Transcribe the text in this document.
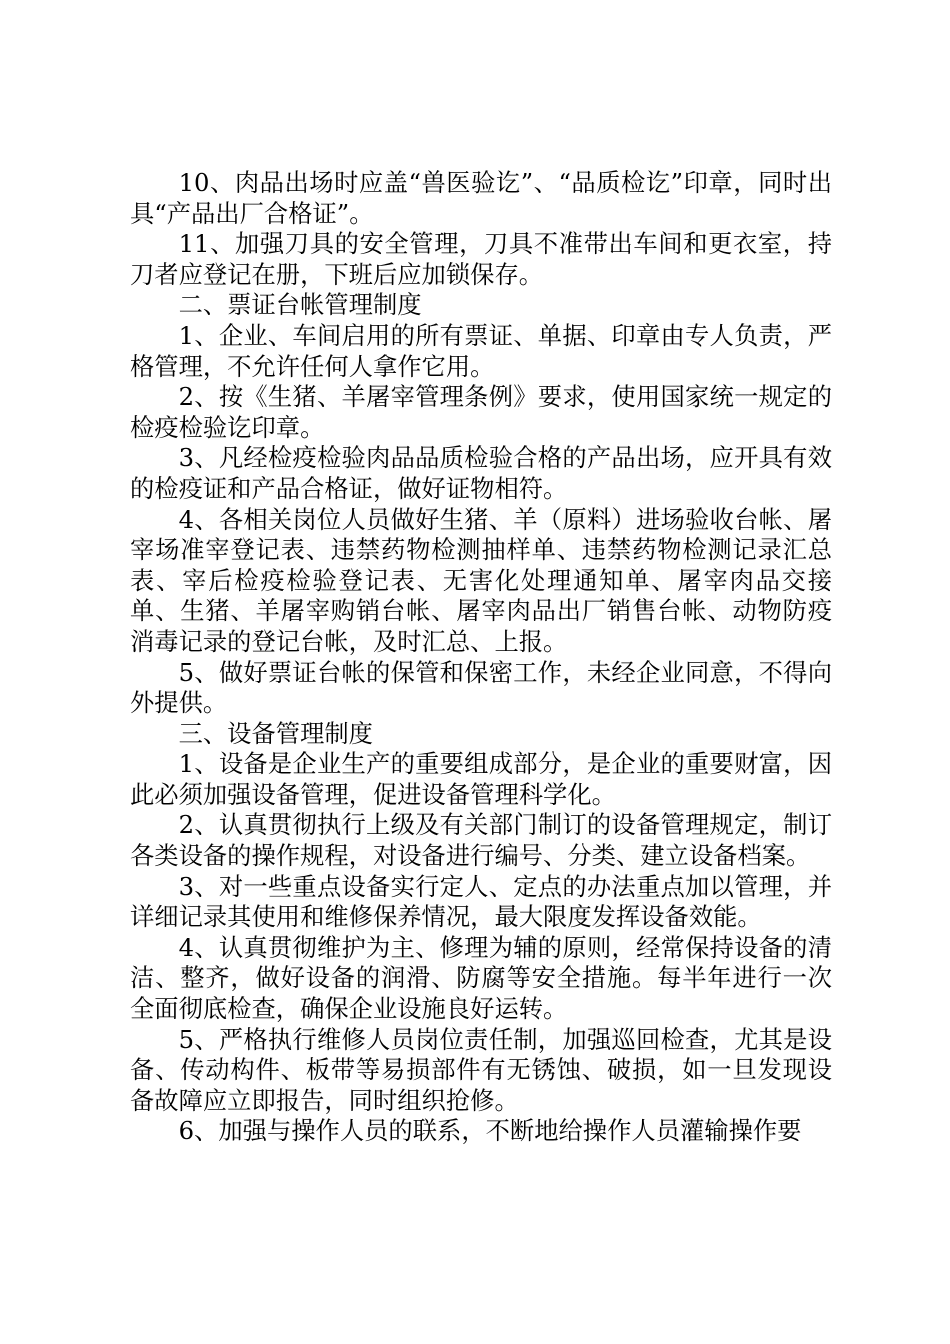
10、肉品出场时应盖“兽医验讫”、“品质检讫”印章，同时出具“产品出厂合格证”。

11、加强刀具的安全管理，刀具不准带出车间和更衣室，持刀者应登记在册，下班后应加锁保存。

二、票证台帐管理制度

1、企业、车间启用的所有票证、单据、印章由专人负责，严格管理，不允许任何人拿作它用。

2、按《生猪、羊屠宰管理条例》要求，使用国家统一规定的检疫检验讫印章。

3、凡经检疫检验肉品品质检验合格的产品出场，应开具有效的检疫证和产品合格证，做好证物相符。

4、各相关岗位人员做好生猪、羊（原料）进场验收台帐、屠宰场准宰登记表、违禁药物检测抽样单、违禁药物检测记录汇总表、宰后检疫检验登记表、无害化处理通知单、屠宰肉品交接单、生猪、羊屠宰购销台帐、屠宰肉品出厂销售台帐、动物防疫消毒记录的登记台帐，及时汇总、上报。

5、做好票证台帐的保管和保密工作，未经企业同意，不得向外提供。

三、设备管理制度

1、设备是企业生产的重要组成部分，是企业的重要财富，因此必须加强设备管理，促进设备管理科学化。

2、认真贯彻执行上级及有关部门制订的设备管理规定，制订各类设备的操作规程，对设备进行编号、分类、建立设备档案。

3、对一些重点设备实行定人、定点的办法重点加以管理，并详细记录其使用和维修保养情况，最大限度发挥设备效能。

4、认真贯彻维护为主、修理为辅的原则，经常保持设备的清洁、整齐，做好设备的润滑、防腐等安全措施。每半年进行一次全面彻底检查，确保企业设施良好运转。

5、严格执行维修人员岗位责任制，加强巡回检查，尤其是设备、传动构件、板带等易损部件有无锈蚀、破损，如一旦发现设备故障应立即报告，同时组织抢修。

6、加强与操作人员的联系，不断地给操作人员灌输操作要
